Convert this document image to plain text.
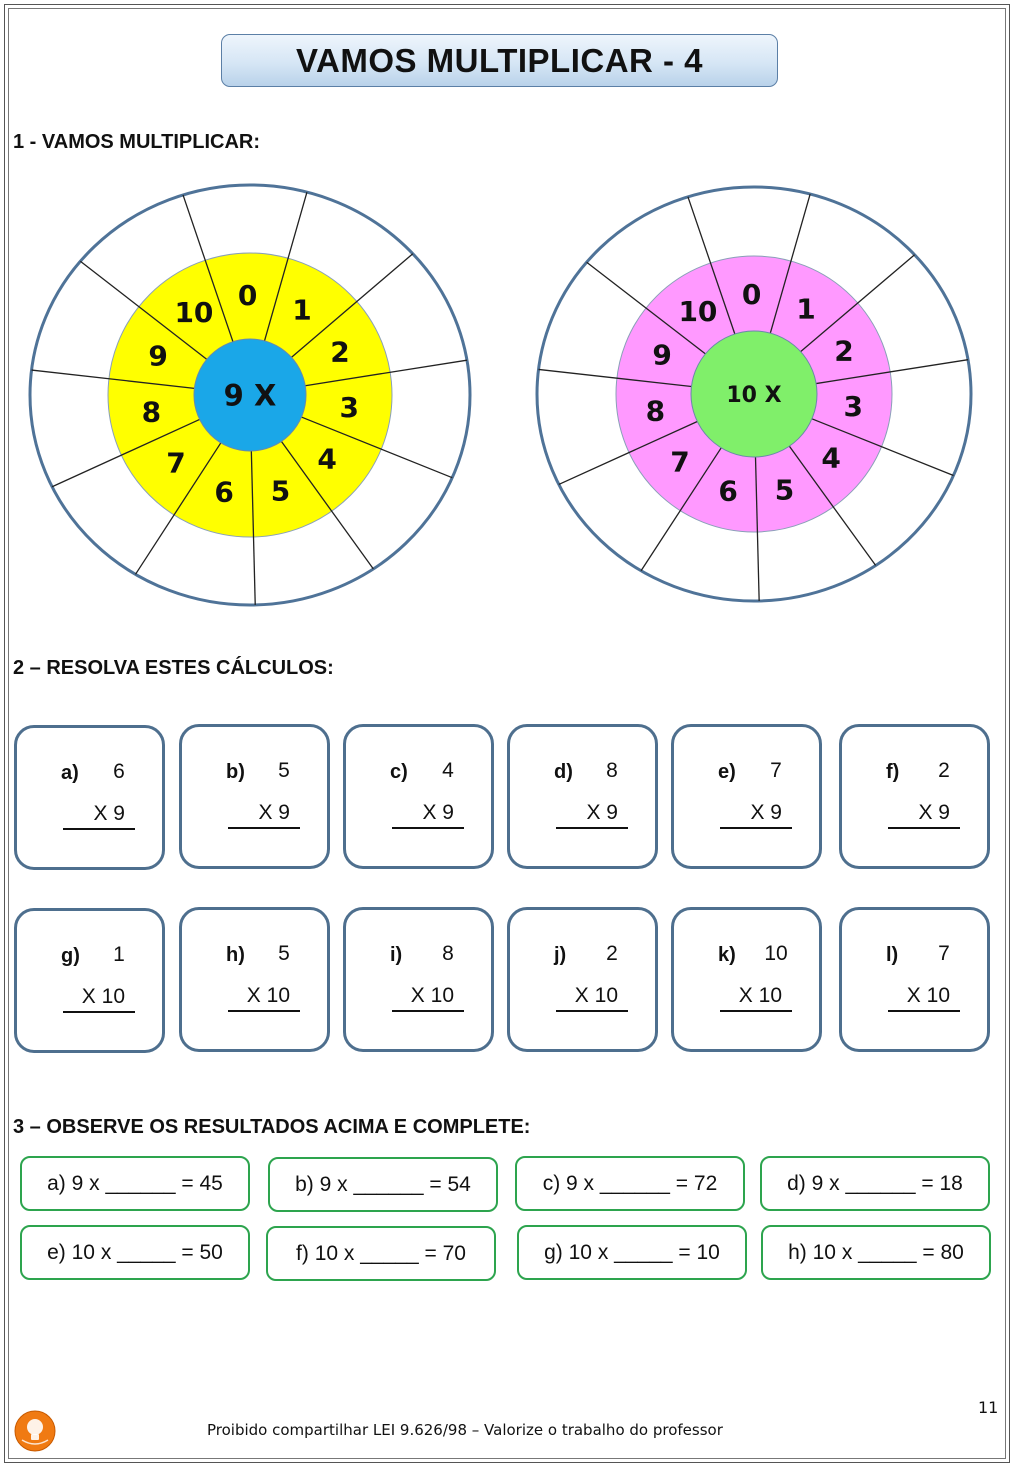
VAMOS MULTIPLICAR - 4
1 - VAMOS MULTIPLICAR:
9 X
1
2
3
4
5
6
7
8
9
10
0
10 X
1
2
3
4
5
6
7
8
9
10
0
2 – RESOLVA ESTES CÁLCULOS:
a)	6
X 9
b)	5
X 9
c)	4
X 9
d)	8
X 9
e)	7
X 9
f)	2
X 9
g)	1
X 10
h)	5
X 10
i)	8
X 10
j)	2
X 10
k)	10
X 10
l)	7
X 10
3 – OBSERVE OS RESULTADOS ACIMA E COMPLETE:
a) 9 x ______ = 45	b) 9 x ______ = 54	c) 9 x ______ = 72	d) 9 x ______ = 18
e) 10 x _____ = 50	f) 10 x _____ = 70	g) 10 x _____ = 10	h) 10 x _____ = 80
11
Proibido compartilhar LEI 9.626/98 – Valorize o trabalho do professor
